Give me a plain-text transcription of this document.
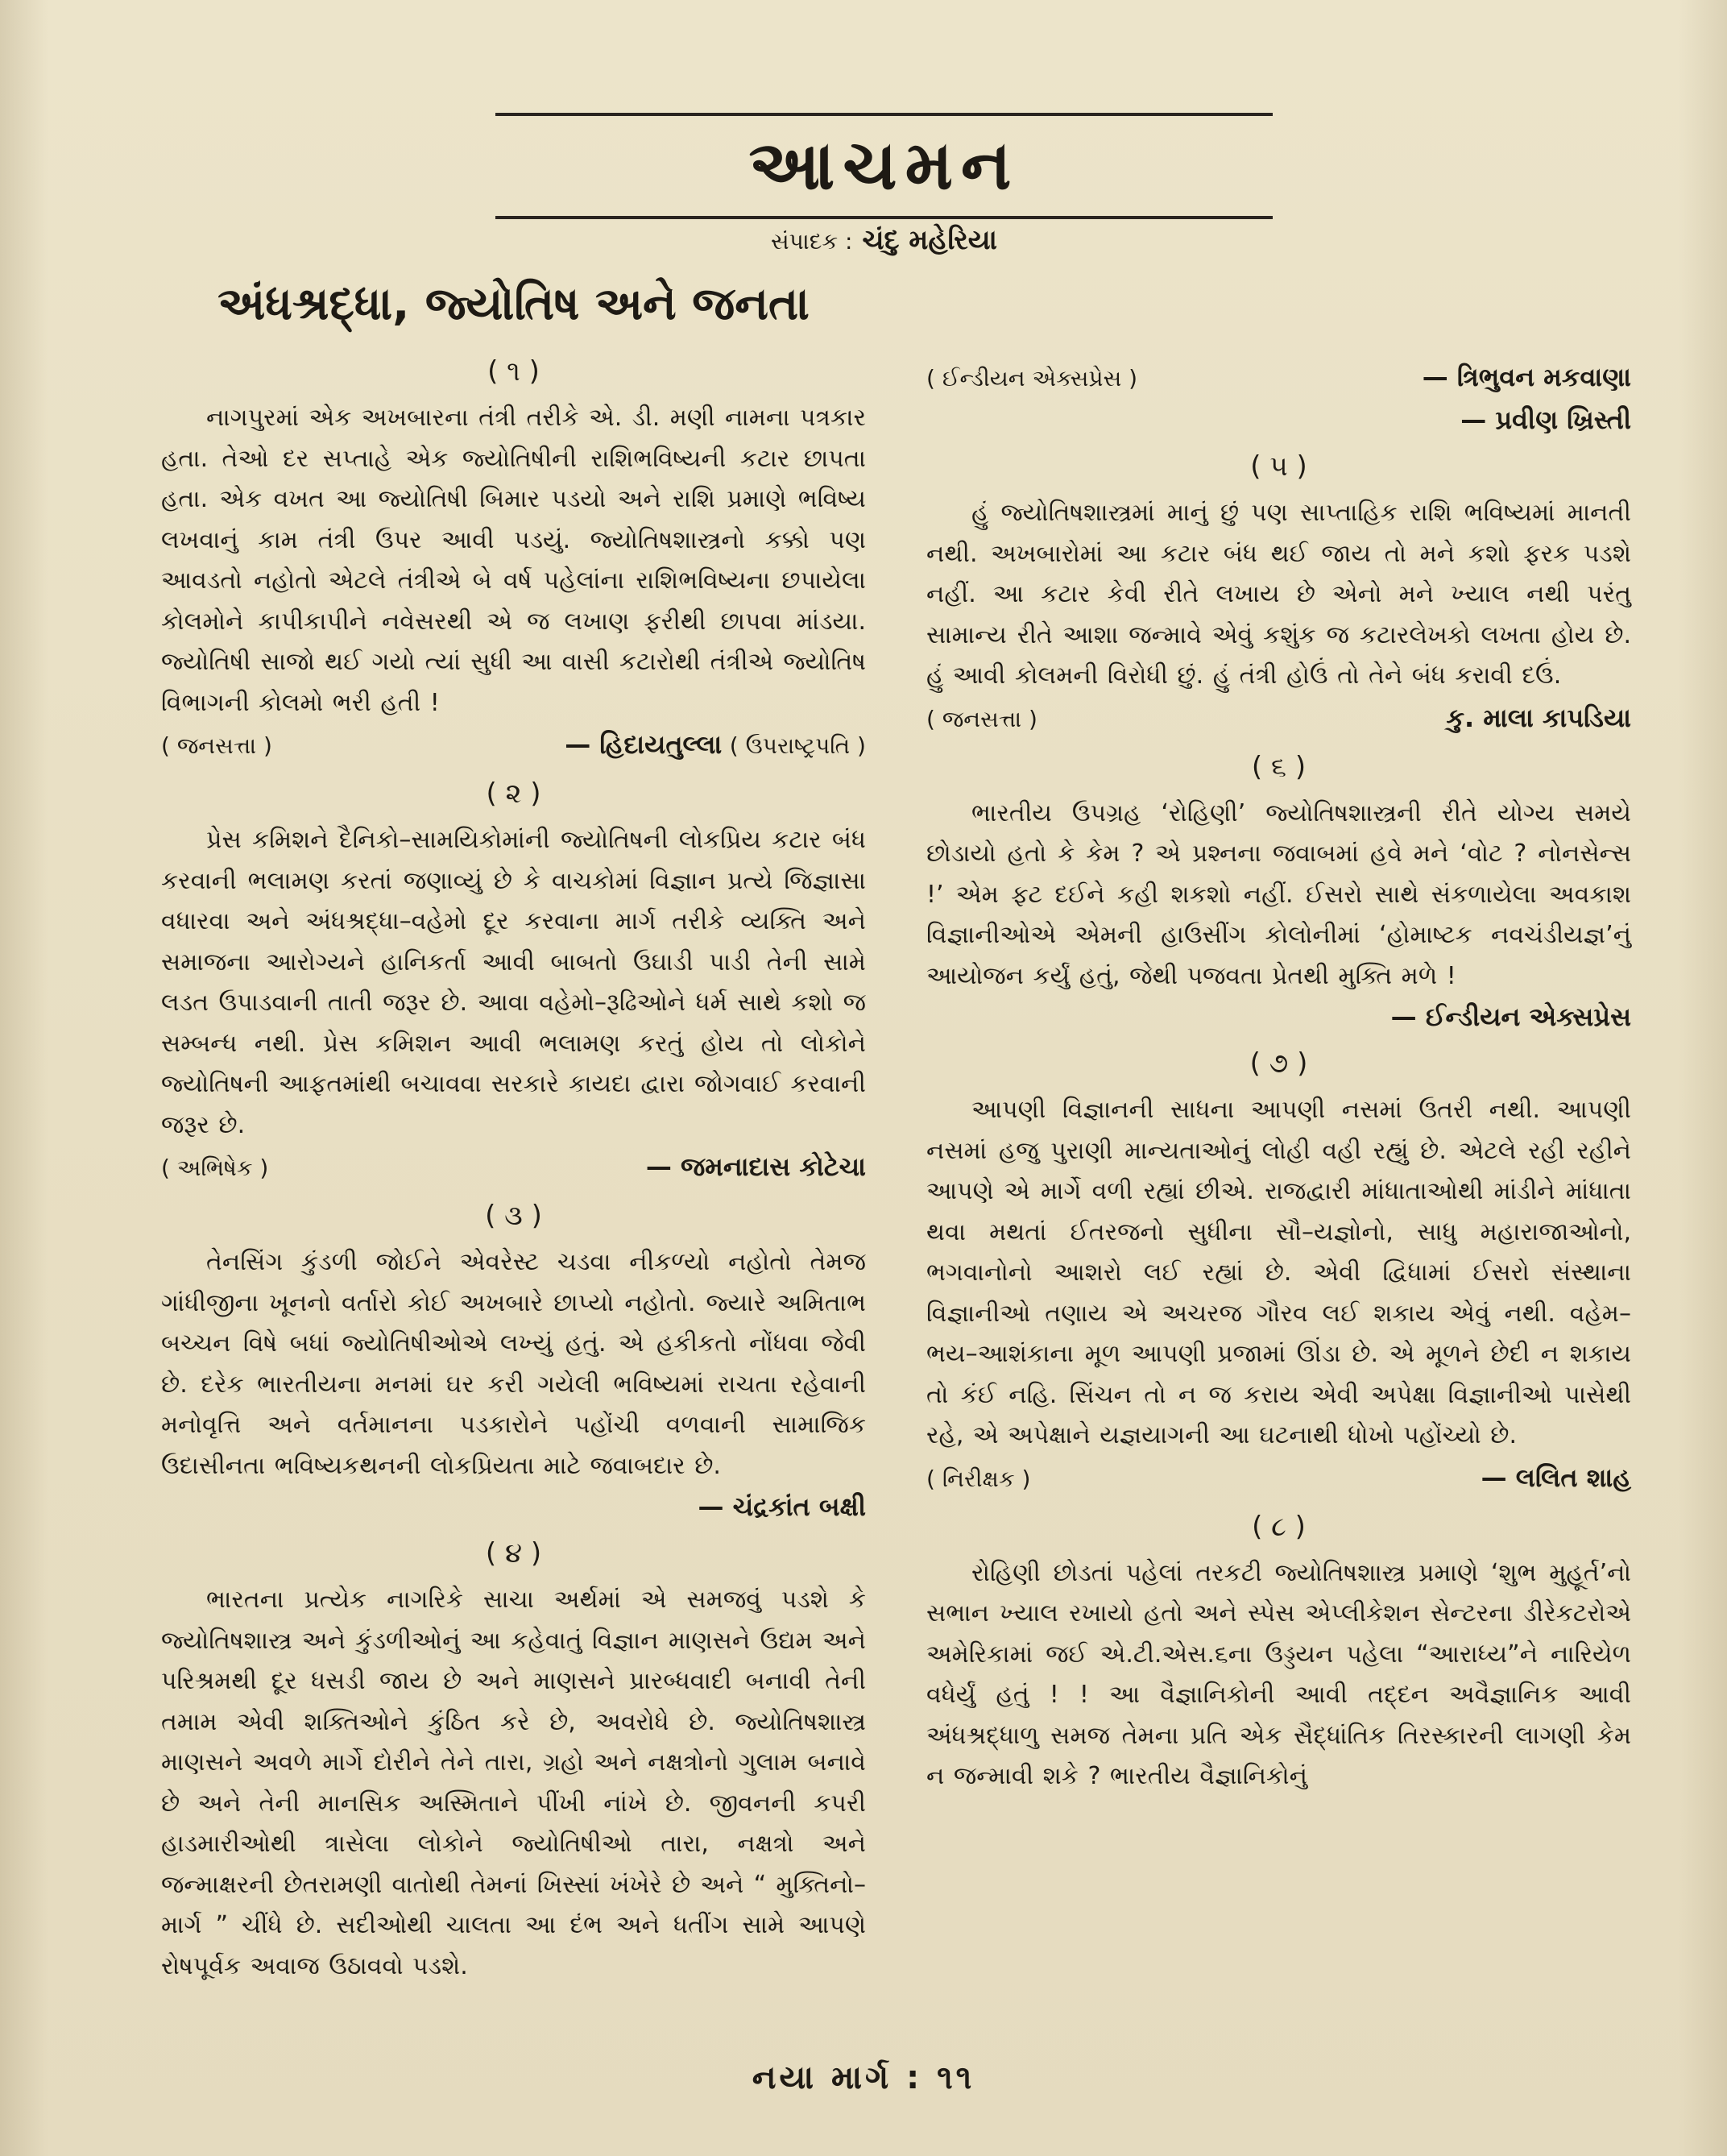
આચમન
સંપાદક : ચંદુ મહેરિયા
અંધશ્રદ્ધા, જ્યોતિષ અને જનતા
( ૧ )

નાગપુરમાં એક અખબારના તંત્રી તરીકે એ. ડી. મણી નામના પત્રકાર હતા. તેઓ દર સપ્તાહે એક જ્યોતિષીની રાશિભવિષ્યની કટાર છાપતા હતા. એક વખત આ જ્યોતિષી બિમાર પડયો અને રાશિ પ્રમાણે ભવિષ્ય લખવાનું કામ તંત્રી ઉપર આવી પડયું. જ્યોતિષશાસ્ત્રનો કક્કો પણ આવડતો નહોતો એટલે તંત્રીએ બે વર્ષ પહેલાંના રાશિભવિષ્યના છપાયેલા કોલમોને કાપીકાપીને નવેસરથી એ જ લખાણ ફરીથી છાપવા માંડયા. જ્યોતિષી સાજો થઈ ગયો ત્યાં સુધી આ વાસી કટારોથી તંત્રીએ જ્યોતિષ વિભાગની કોલમો ભરી હતી !

( જનસત્તા )	— હિદાયતુલ્લા ( ઉપરાષ્ટ્રપતિ )
( ૨ )

પ્રેસ કમિશને દૈનિકો–સામયિકોમાંની જ્યોતિષની લોકપ્રિય કટાર બંધ કરવાની ભલામણ કરતાં જણાવ્યું છે કે વાચકોમાં વિજ્ઞાન પ્રત્યે જિજ્ઞાસા વધારવા અને અંધશ્રદ્ધા–વહેમો દૂર કરવાના માર્ગ તરીકે વ્યક્તિ અને સમાજના આરોગ્યને હાનિકર્તા આવી બાબતો ઉઘાડી પાડી તેની સામે લડત ઉપાડવાની તાતી જરૂર છે. આવા વહેમો–રૂઢિઓને ધર્મ સાથે કશો જ સમ્બન્ધ નથી. પ્રેસ કમિશન આવી ભલામણ કરતું હોય તો લોકોને જ્યોતિષની આફતમાંથી બચાવવા સરકારે કાયદા દ્વારા જોગવાઈ કરવાની જરૂર છે.

( અભિષેક )	— જમનાદાસ કોટેચા
( ૩ )

તેનસિંગ કુંડળી જોઈને એવરેસ્ટ ચડવા નીકળ્યો નહોતો તેમજ ગાંધીજીના ખૂનનો વર્તારો કોઈ અખબારે છાપ્યો નહોતો. જ્યારે અમિતાભ બચ્ચન વિષે બધાં જ્યોતિષીઓએ લખ્યું હતું. એ હકીકતો નોંધવા જેવી છે. દરેક ભારતીયના મનમાં ઘર કરી ગયેલી ભવિષ્યમાં રાચતા રહેવાની મનોવૃત્તિ અને વર્તમાનના પડકારોને પહોંચી વળવાની સામાજિક ઉદાસીનતા ભવિષ્યકથનની લોકપ્રિયતા માટે જવાબદાર છે.

— ચંદ્રકાંત બક્ષી
( ૪ )

ભારતના પ્રત્યેક નાગરિકે સાચા અર્થમાં એ સમજવું પડશે કે જ્યોતિષશાસ્ત્ર અને કુંડળીઓનું આ કહેવાતું વિજ્ઞાન માણસને ઉદ્યમ અને પરિશ્રમથી દૂર ધસડી જાય છે અને માણસને પ્રારબ્ધવાદી બનાવી તેની તમામ એવી શક્તિઓને કુંઠિત કરે છે, અવરોધે છે. જ્યોતિષશાસ્ત્ર માણસને અવળે માર્ગે દોરીને તેને તારા, ગ્રહો અને નક્ષત્રોનો ગુલામ બનાવે છે અને તેની માનસિક અસ્મિતાને પીંખી નાંખે છે. જીવનની કપરી હાડમારીઓથી ત્રાસેલા લોકોને જ્યોતિષીઓ તારા, નક્ષત્રો અને જન્માક્ષરની છેતરામણી વાતોથી તેમનાં ખિસ્સાં ખંખેરે છે અને “ મુક્તિનો–માર્ગ ” ચીંધે છે. સદીઓથી ચાલતા આ દંભ અને ધતીંગ સામે આપણે રોષપૂર્વક અવાજ ઉઠાવવો પડશે.

( ઈન્ડીયન એક્સપ્રેસ )	— ત્રિભુવન મકવાણા
— પ્રવીણ ખ્રિસ્તી
( ૫ )

હું જ્યોતિષશાસ્ત્રમાં માનું છું પણ સાપ્તાહિક રાશિ ભવિષ્યમાં માનતી નથી. અખબારોમાં આ કટાર બંધ થઈ જાય તો મને કશો ફરક પડશે નહીં. આ કટાર કેવી રીતે લખાય છે એનો મને ખ્યાલ નથી પરંતુ સામાન્ય રીતે આશા જન્માવે એવું કશુંક જ કટારલેખકો લખતા હોય છે. હું આવી કોલમની વિરોધી છું. હું તંત્રી હોઉં તો તેને બંધ કરાવી દઉં.

( જનસત્તા )	કુ. માલા કાપડિયા
( ૬ )

ભારતીય ઉપગ્રહ ‘રોહિણી’ જ્યોતિષશાસ્ત્રની રીતે યોગ્ય સમયે છોડાયો હતો કે કેમ ? એ પ્રશ્નના જવાબમાં હવે મને ‘વોટ ? નોનસેન્સ !’ એમ ફટ દઈને કહી શકશો નહીં. ઈસરો સાથે સંકળાયેલા અવકાશ વિજ્ઞાનીઓએ એમની હાઉસીંગ કોલોનીમાં ‘હોમાષ્ટક નવચંડીયજ્ઞ’નું આયોજન કર્યું હતું, જેથી પજવતા પ્રેતથી મુક્તિ મળે !

— ઈન્ડીયન એક્સપ્રેસ
( ૭ )

આપણી વિજ્ઞાનની સાધના આપણી નસમાં ઉતરી નથી. આપણી નસમાં હજુ પુરાણી માન્યતાઓનું લોહી વહી રહ્યું છે. એટલે રહી રહીને આપણે એ માર્ગે વળી રહ્યાં છીએ. રાજદ્વારી માંધાતાઓથી માંડીને માંધાતા થવા મથતાં ઈતરજનો સુધીના સૌ–યજ્ઞોનો, સાધુ મહારાજાઓનો, ભગવાનોનો આશરો લઈ રહ્યાં છે. એવી દ્વિધામાં ઈસરો સંસ્થાના વિજ્ઞાનીઓ તણાય એ અચરજ ગૌરવ લઈ શકાય એવું નથી. વહેમ–ભય–આશંકાના મૂળ આપણી પ્રજામાં ઊંડા છે. એ મૂળને છેદી ન શકાય તો કંઈ નહિ. સિંચન તો ન જ કરાય એવી અપેક્ષા વિજ્ઞાનીઓ પાસેથી રહે, એ અપેક્ષાને યજ્ઞયાગની આ ઘટનાથી ધોખો પહોંચ્યો છે.

( નિરીક્ષક )	— લલિત શાહ
( ૮ )

રોહિણી છોડતાં પહેલાં તરકટી જ્યોતિષશાસ્ત્ર પ્રમાણે ‘શુભ મુહૂર્ત’નો સભાન ખ્યાલ રખાયો હતો અને સ્પેસ એપ્લીકેશન સેન્ટરના ડીરેકટરોએ અમેરિકામાં જઈ એ.ટી.એસ.૬ના ઉડ્ડયન પહેલા “આરાધ્ય”ને નારિયેળ વધેર્યું હતું ! ! આ વૈજ્ઞાનિકોની આવી તદ્દન અવૈજ્ઞાનિક આવી અંધશ્રદ્ધાળુ સમજ તેમના પ્રતિ એક સૈદ્ધાંતિક તિરસ્કારની લાગણી કેમ ન જન્માવી શકે ? ભારતીય વૈજ્ઞાનિકોનું

નયા માર્ગ : ૧૧
